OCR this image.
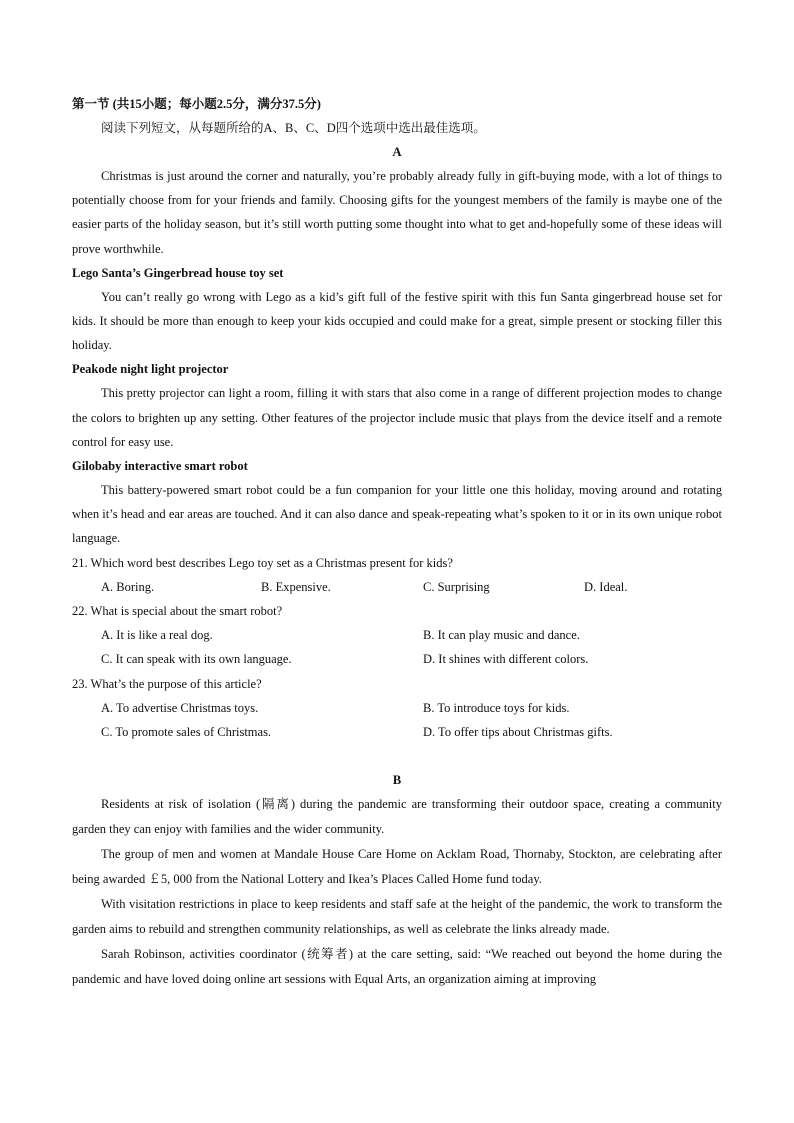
第一节 (共15小题；每小题2.5分，满分37.5分)
阅读下列短文，从每题所给的A、B、C、D四个选项中选出最佳选项。
A

Christmas is just around the corner and naturally, you’re probably already fully in gift-buying mode, with a lot of things to potentially choose from for your friends and family. Choosing gifts for the youngest members of the family is maybe one of the easier parts of the holiday season, but it’s still worth putting some thought into what to get and-hopefully some of these ideas will prove worthwhile.

Lego Santa’s Gingerbread house toy set

You can’t really go wrong with Lego as a kid’s gift full of the festive spirit with this fun Santa gingerbread house set for kids. It should be more than enough to keep your kids occupied and could make for a great, simple present or stocking filler this holiday.

Peakode night light projector

This pretty projector can light a room, filling it with stars that also come in a range of different projection modes to change the colors to brighten up any setting. Other features of the projector include music that plays from the device itself and a remote control for easy use.

Gilobaby interactive smart robot

This battery-powered smart robot could be a fun companion for your little one this holiday, moving around and rotating when it’s head and ear areas are touched. And it can also dance and speak-repeating what’s spoken to it or in its own unique robot language.

21. Which word best describes Lego toy set as a Christmas present for kids?
A. Boring.	B. Expensive.	C. Surprising	D. Ideal.
22. What is special about the smart robot?
A. It is like a real dog.	B. It can play music and dance.
C. It can speak with its own language.	D. It shines with different colors.
23. What’s the purpose of this article?
A. To advertise Christmas toys.	B. To introduce toys for kids.
C. To promote sales of Christmas.	D. To offer tips about Christmas gifts.
B

Residents at risk of isolation (隔离) during the pandemic are transforming their outdoor space, creating a community garden they can enjoy with families and the wider community.

The group of men and women at Mandale House Care Home on Acklam Road, Thornaby, Stockton, are celebrating after being awarded ￡5, 000 from the National Lottery and Ikea’s Places Called Home fund today.

With visitation restrictions in place to keep residents and staff safe at the height of the pandemic, the work to transform the garden aims to rebuild and strengthen community relationships, as well as celebrate the links already made.

Sarah Robinson, activities coordinator (统筹者) at the care setting, said: “We reached out beyond the home during the pandemic and have loved doing online art sessions with Equal Arts, an organization aiming at improving
